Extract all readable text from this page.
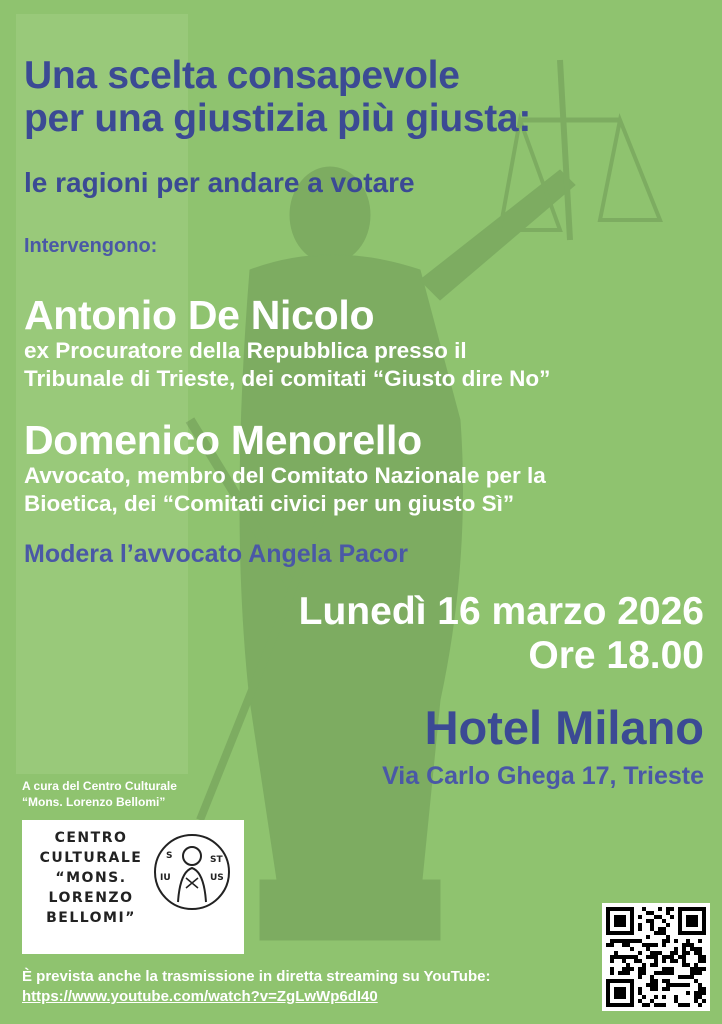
Una scelta consapevole
per una giustizia più giusta:
le ragioni per andare a votare
Intervengono:
Antonio De Nicolo
ex Procuratore della Repubblica presso il
Tribunale di Trieste, dei comitati “Giusto dire No”
Domenico Menorello
Avvocato, membro del Comitato Nazionale per la
Bioetica, dei “Comitati civici per un giusto Sì”
Modera l’avvocato Angela Pacor
Lunedì 16 marzo 2026
Ore 18.00
Hotel Milano
Via Carlo Ghega 17, Trieste
A cura del Centro Culturale
“Mons. Lorenzo Bellomi”
CENTRO
CULTURALE
“MONS.
LORENZO
BELLOMI”
S
IU
ST
US
È prevista anche la trasmissione in diretta streaming su YouTube:
https://www.youtube.com/watch?v=ZgLwWp6dI40
